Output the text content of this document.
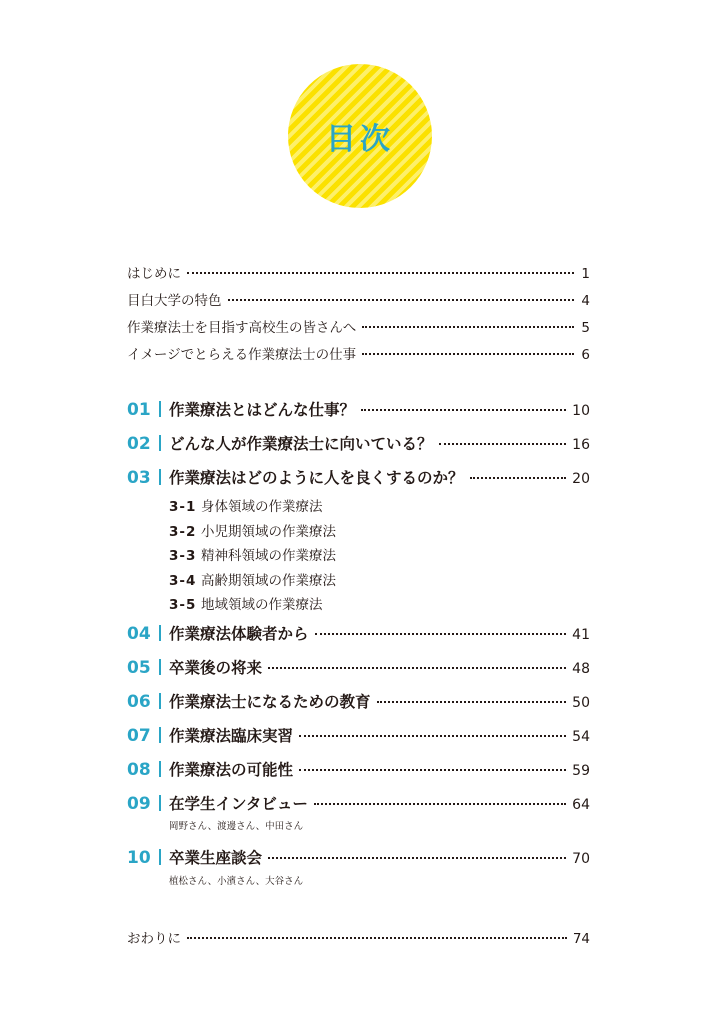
目次
はじめに	1
目白大学の特色	4
作業療法士を目指す高校生の皆さんへ	5
イメージでとらえる作業療法士の仕事	6
01 作業療法とはどんな仕事？	10
02 どんな人が作業療法士に向いている？	16
03 作業療法はどのように人を良くするのか？	20
3-1 身体領域の作業療法
3-2 小児期領域の作業療法
3-3 精神科領域の作業療法
3-4 高齢期領域の作業療法
3-5 地域領域の作業療法
04 作業療法体験者から	41
05 卒業後の将来	48
06 作業療法士になるための教育	50
07 作業療法臨床実習	54
08 作業療法の可能性	59
09 在学生インタビュー	64
岡野さん、渡邊さん、中田さん
10 卒業生座談会	70
植松さん、小濱さん、大谷さん
おわりに	74
